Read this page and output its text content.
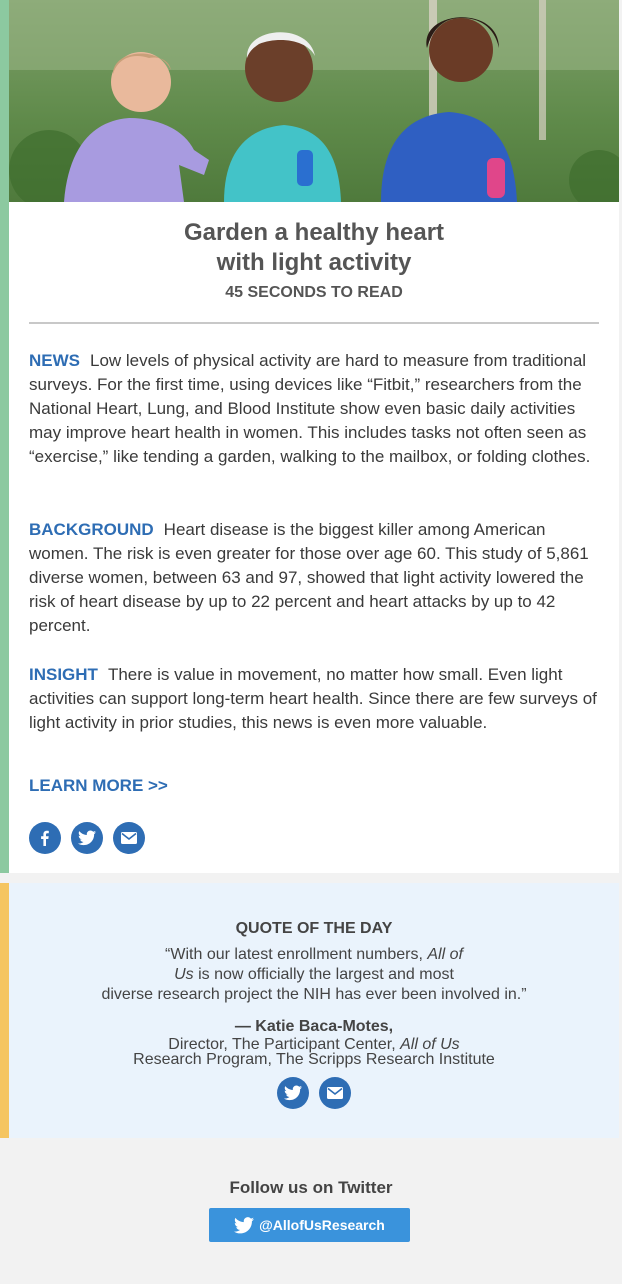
Garden a healthy heart
with light activity
45 SECONDS TO READ

NEWS Low levels of physical activity are hard to measure from traditional surveys. For the first time, using devices like “Fitbit,” researchers from the National Heart, Lung, and Blood Institute show even basic daily activities may improve heart health in women. This includes tasks not often seen as “exercise,” like tending a garden, walking to the mailbox, or folding clothes.

BACKGROUND Heart disease is the biggest killer among American women. The risk is even greater for those over age 60. This study of 5,861 diverse women, between 63 and 97, showed that light activity lowered the risk of heart disease by up to 22 percent and heart attacks by up to 42 percent.

INSIGHT There is value in movement, no matter how small. Even light activities can support long-term heart health. Since there are few surveys of light activity in prior studies, this news is even more valuable.

LEARN MORE >>
QUOTE OF THE DAY
“With our latest enrollment numbers, All of
Us is now officially the largest and most
diverse research project the NIH has ever been involved in.”
— Katie Baca-Motes,
Director, The Participant Center, All of Us
Research Program, The Scripps Research Institute
Follow us on Twitter
@AllofUsResearch
